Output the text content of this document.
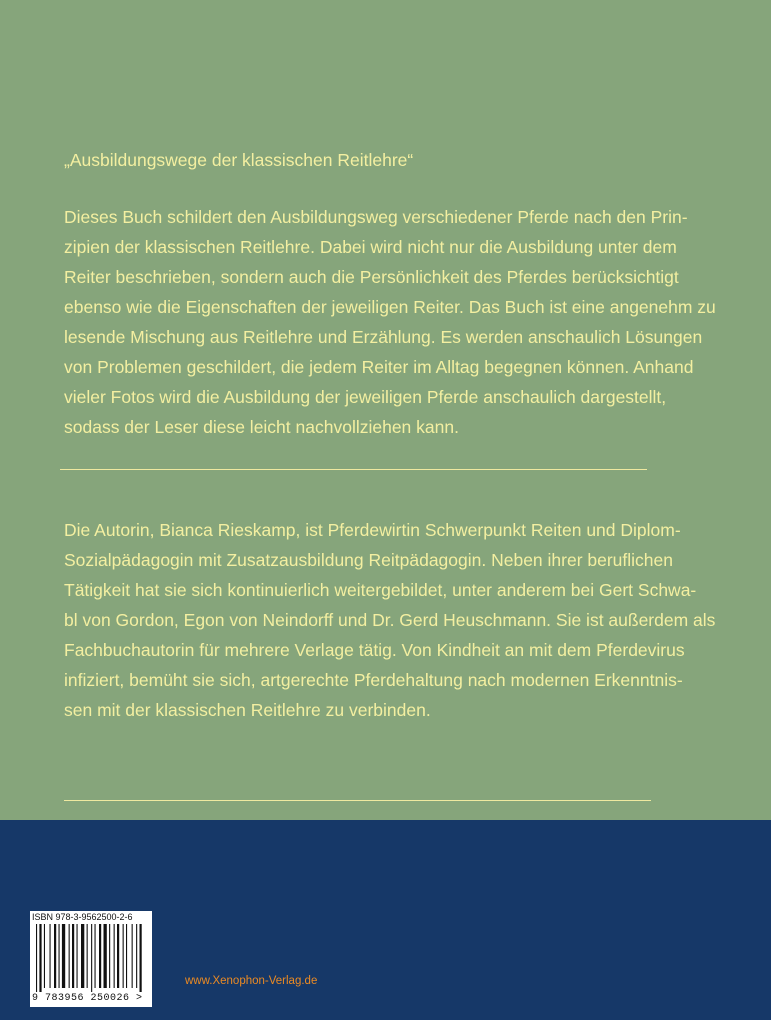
„Ausbildungswege der klassischen Reitlehre“

Dieses Buch schildert den Ausbildungsweg verschiedener Pferde nach den Prin-
zipien der klassischen Reitlehre. Dabei wird nicht nur die Ausbildung unter dem
Reiter beschrieben, sondern auch die Persönlichkeit des Pferdes berücksichtigt
ebenso wie die Eigenschaften der jeweiligen Reiter. Das Buch ist eine angenehm zu
lesende Mischung aus Reitlehre und Erzählung. Es werden anschaulich Lösungen
von Problemen geschildert, die jedem Reiter im Alltag begegnen können. Anhand
vieler Fotos wird die Ausbildung der jeweiligen Pferde anschaulich dargestellt,
sodass der Leser diese leicht nachvollziehen kann.

Die Autorin, Bianca Rieskamp, ist Pferdewirtin Schwerpunkt Reiten und Diplom-
Sozialpädagogin mit Zusatzausbildung Reitpädagogin. Neben ihrer beruflichen
Tätigkeit hat sie sich kontinuierlich weitergebildet, unter anderem bei Gert Schwa-
bl von Gordon, Egon von Neindorff und Dr. Gerd Heuschmann. Sie ist außerdem als
Fachbuchautorin für mehrere Verlage tätig. Von Kindheit an mit dem Pferdevirus
infiziert, bemüht sie sich, artgerechte Pferdehaltung nach modernen Erkenntnis-
sen mit der klassischen Reitlehre zu verbinden.

ISBN 978-3-9562500-2-6
9 783956 250026 >
www.Xenophon-Verlag.de
